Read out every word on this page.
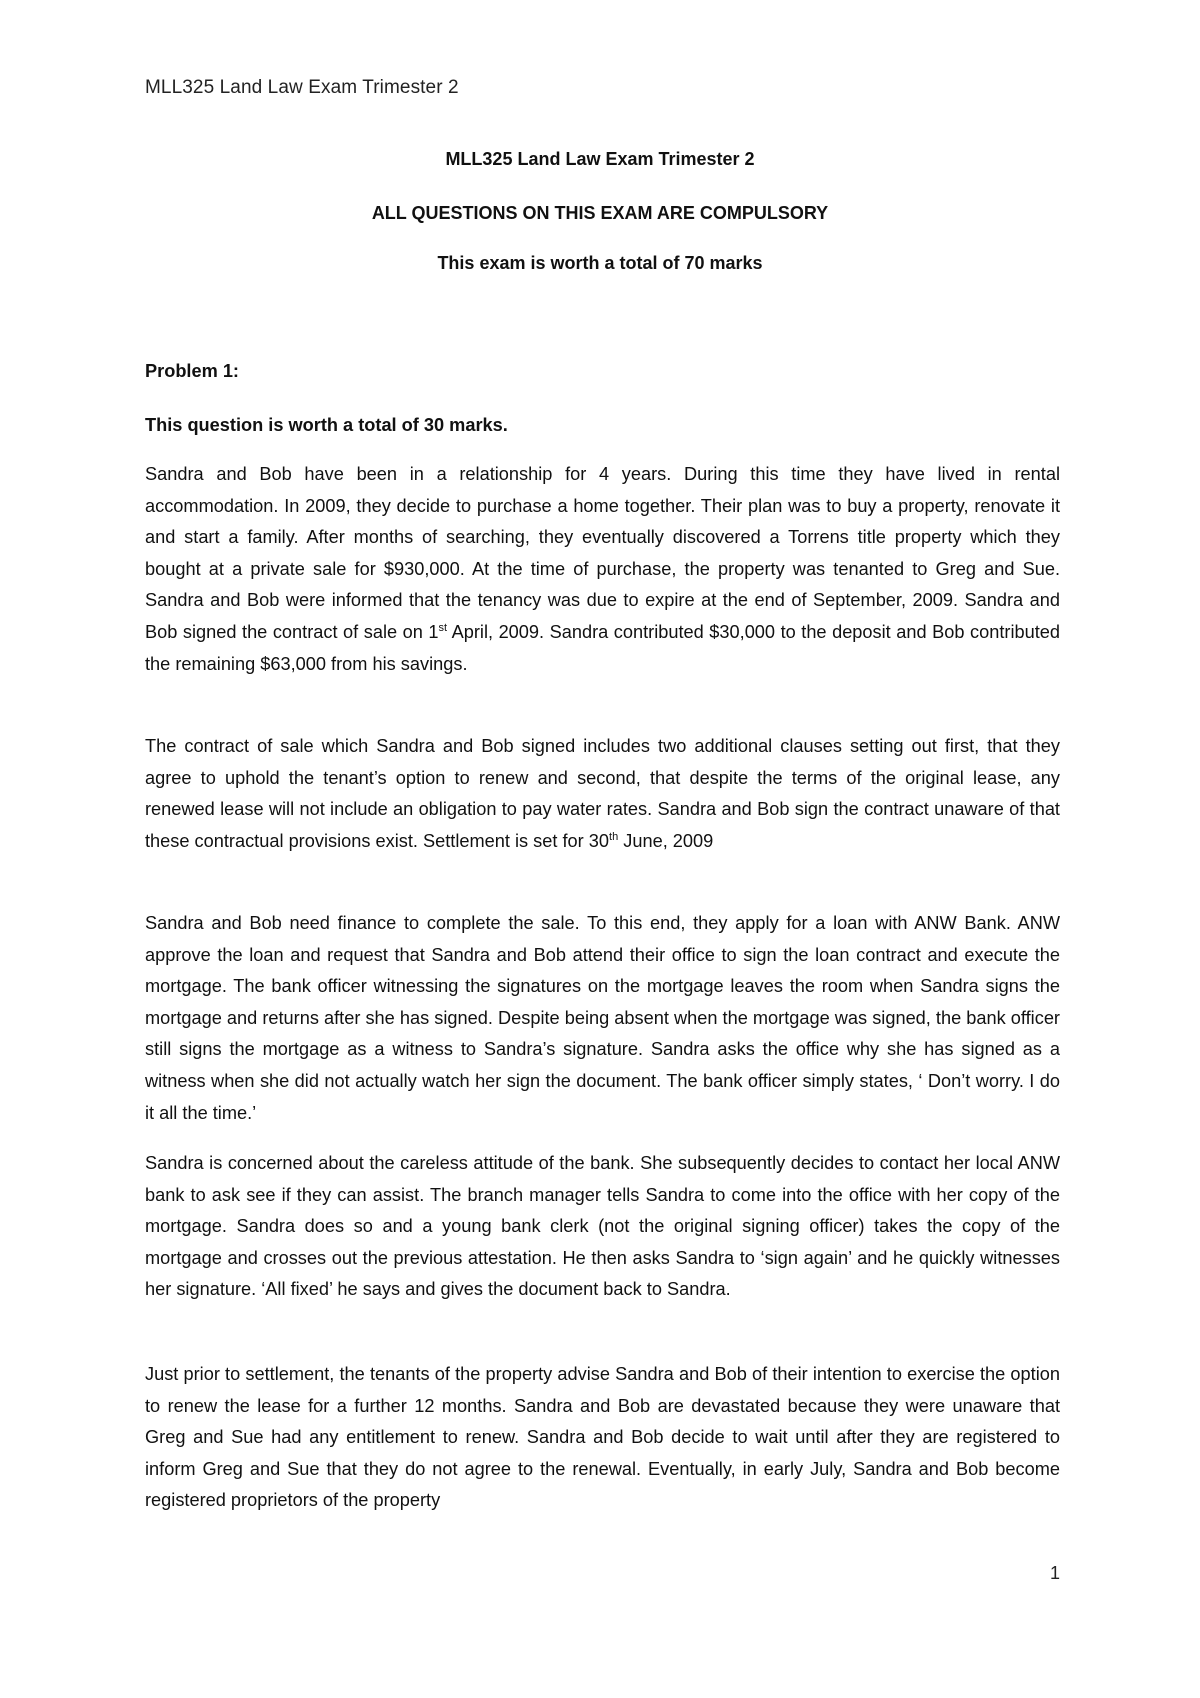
MLL325 Land Law Exam Trimester 2
MLL325 Land Law Exam Trimester 2
ALL QUESTIONS ON THIS EXAM ARE COMPULSORY
This exam is worth a total of 70 marks
Problem 1:
This question is worth a total of 30 marks.
Sandra and Bob have been in a relationship for 4 years. During this time they have lived in rental accommodation. In 2009, they decide to purchase a home together. Their plan was to buy a property, renovate it and start a family. After months of searching, they eventually discovered a Torrens title property which they bought at a private sale for $930,000. At the time of purchase, the property was tenanted to Greg and Sue. Sandra and Bob were informed that the tenancy was due to expire at the end of September, 2009. Sandra and Bob signed the contract of sale on 1st April, 2009. Sandra contributed $30,000 to the deposit and Bob contributed the remaining $63,000 from his savings.
The contract of sale which Sandra and Bob signed includes two additional clauses setting out first, that they agree to uphold the tenant’s option to renew and second, that despite the terms of the original lease, any renewed lease will not include an obligation to pay water rates. Sandra and Bob sign the contract unaware of that these contractual provisions exist. Settlement is set for 30th June, 2009
Sandra and Bob need finance to complete the sale. To this end, they apply for a loan with ANW Bank. ANW approve the loan and request that Sandra and Bob attend their office to sign the loan contract and execute the mortgage. The bank officer witnessing the signatures on the mortgage leaves the room when Sandra signs the mortgage and returns after she has signed. Despite being absent when the mortgage was signed, the bank officer still signs the mortgage as a witness to Sandra’s signature. Sandra asks the office why she has signed as a witness when she did not actually watch her sign the document. The bank officer simply states, ‘ Don’t worry. I do it all the time.’
Sandra is concerned about the careless attitude of the bank. She subsequently decides to contact her local ANW bank to ask see if they can assist. The branch manager tells Sandra to come into the office with her copy of the mortgage. Sandra does so and a young bank clerk (not the original signing officer) takes the copy of the mortgage and crosses out the previous attestation. He then asks Sandra to ‘sign again’ and he quickly witnesses her signature. ‘All fixed’ he says and gives the document back to Sandra.
Just prior to settlement, the tenants of the property advise Sandra and Bob of their intention to exercise the option to renew the lease for a further 12 months. Sandra and Bob are devastated because they were unaware that Greg and Sue had any entitlement to renew. Sandra and Bob decide to wait until after they are registered to inform Greg and Sue that they do not agree to the renewal. Eventually, in early July, Sandra and Bob become registered proprietors of the property
1
